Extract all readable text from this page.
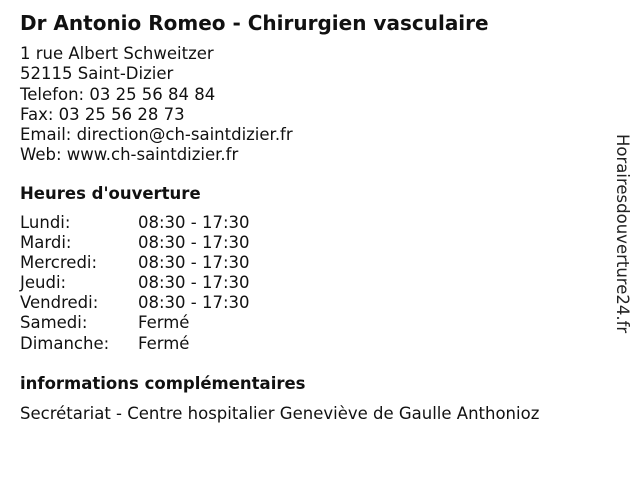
Dr Antonio Romeo - Chirurgien vasculaire
1 rue Albert Schweitzer
52115 Saint-Dizier
Telefon: 03 25 56 84 84
Fax: 03 25 56 28 73
Email: direction@ch-saintdizier.fr
Web: www.ch-saintdizier.fr
Heures d'ouverture
Lundi:	08:30 - 17:30
Mardi:	08:30 - 17:30
Mercredi:	08:30 - 17:30
Jeudi:	08:30 - 17:30
Vendredi:	08:30 - 17:30
Samedi:	Fermé
Dimanche:	Fermé
informations complémentaires
Secrétariat - Centre hospitalier Geneviève de Gaulle Anthonioz
Horairesdouverture24.fr
